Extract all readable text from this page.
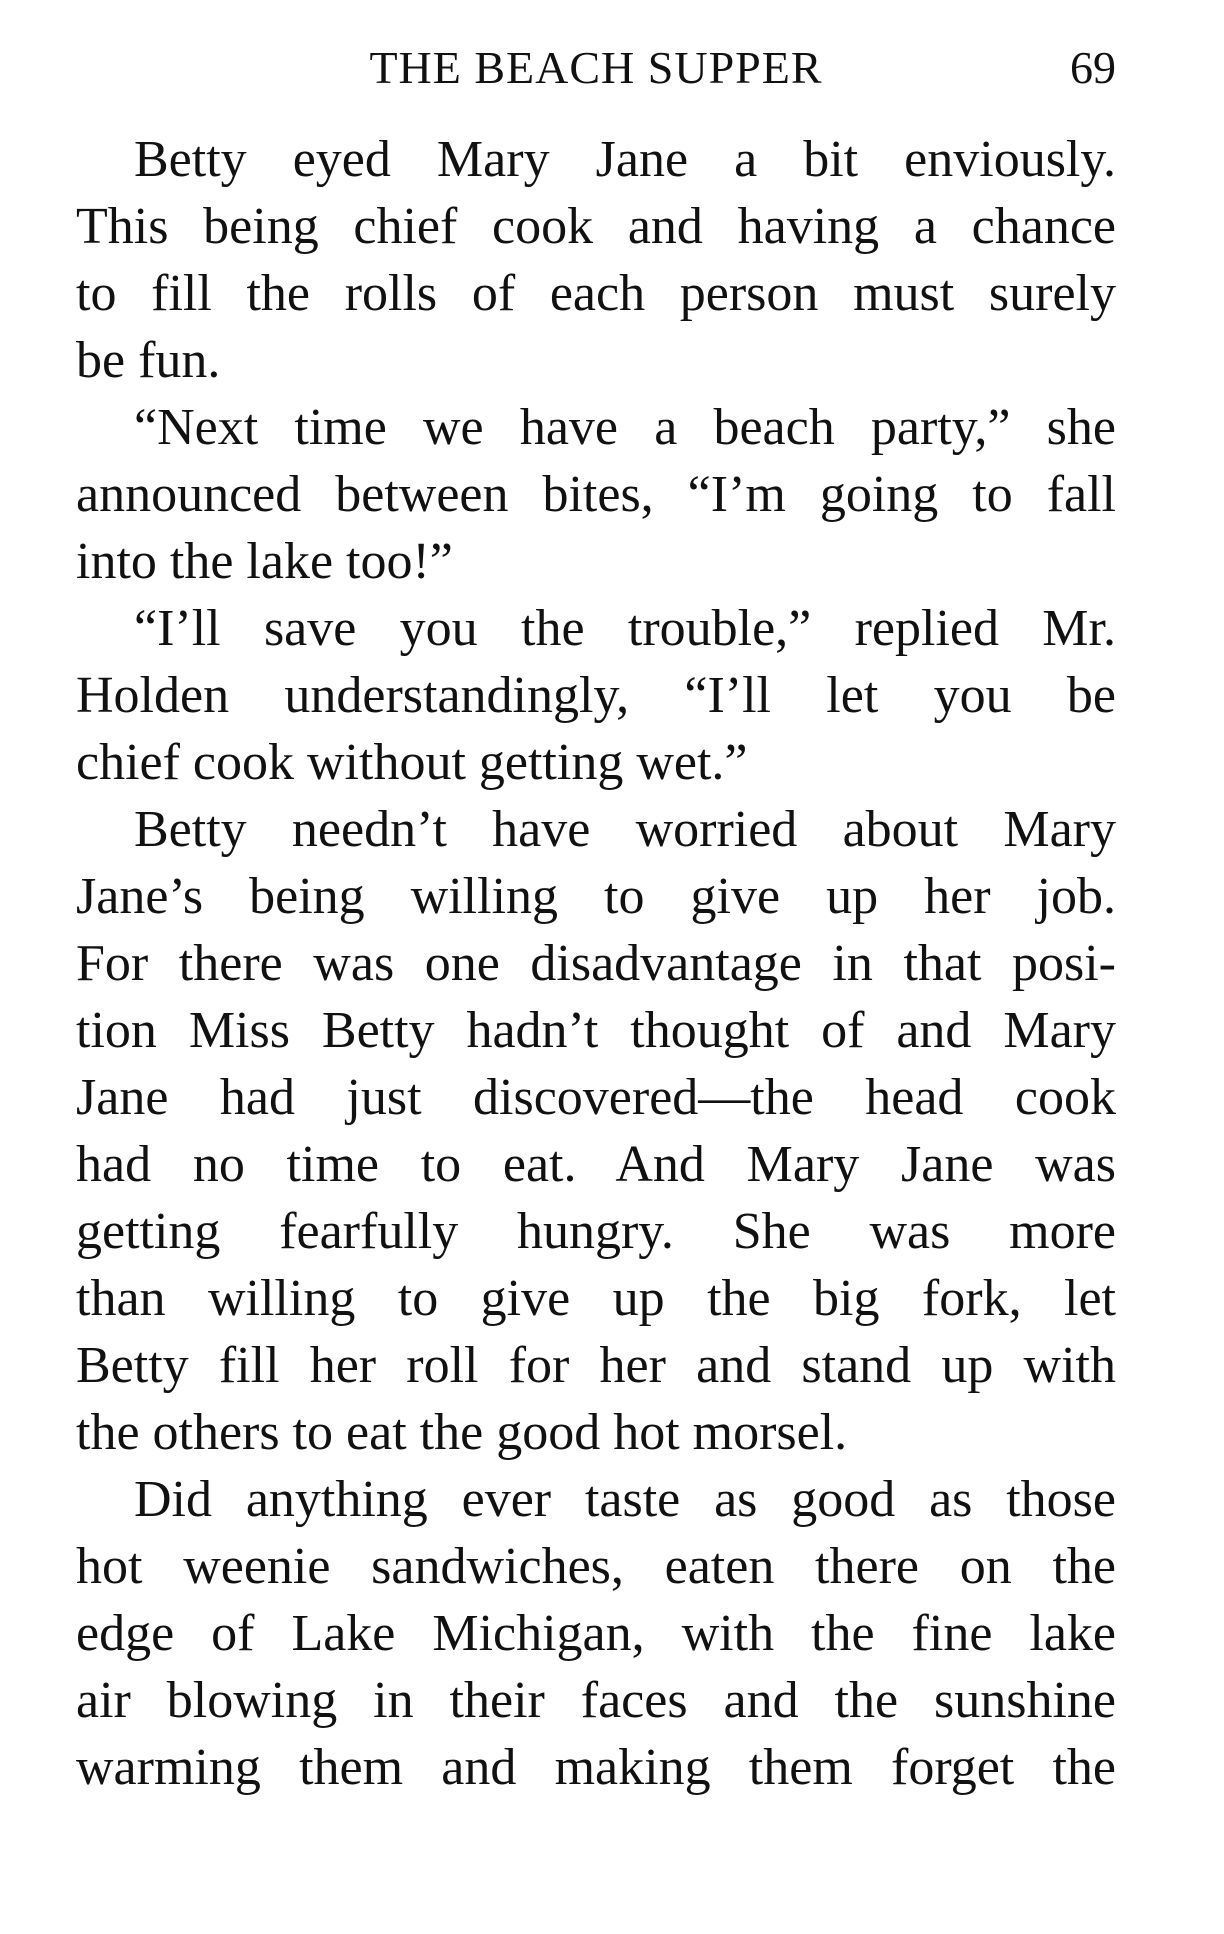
THE BEACH SUPPER	69
Betty eyed Mary Jane a bit enviously.
This being chief cook and having a chance
to fill the rolls of each person must surely
be fun.
“Next time we have a beach party,” she
announced between bites, “I’m going to fall
into the lake too!”
“I’ll save you the trouble,” replied Mr.
Holden understandingly, “I’ll let you be
chief cook without getting wet.”
Betty needn’t have worried about Mary
Jane’s being willing to give up her job.
For there was one disadvantage in that posi-
tion Miss Betty hadn’t thought of and Mary
Jane had just discovered—the head cook
had no time to eat. And Mary Jane was
getting fearfully hungry. She was more
than willing to give up the big fork, let
Betty fill her roll for her and stand up with
the others to eat the good hot morsel.
Did anything ever taste as good as those
hot weenie sandwiches, eaten there on the
edge of Lake Michigan, with the fine lake
air blowing in their faces and the sunshine
warming them and making them forget the
